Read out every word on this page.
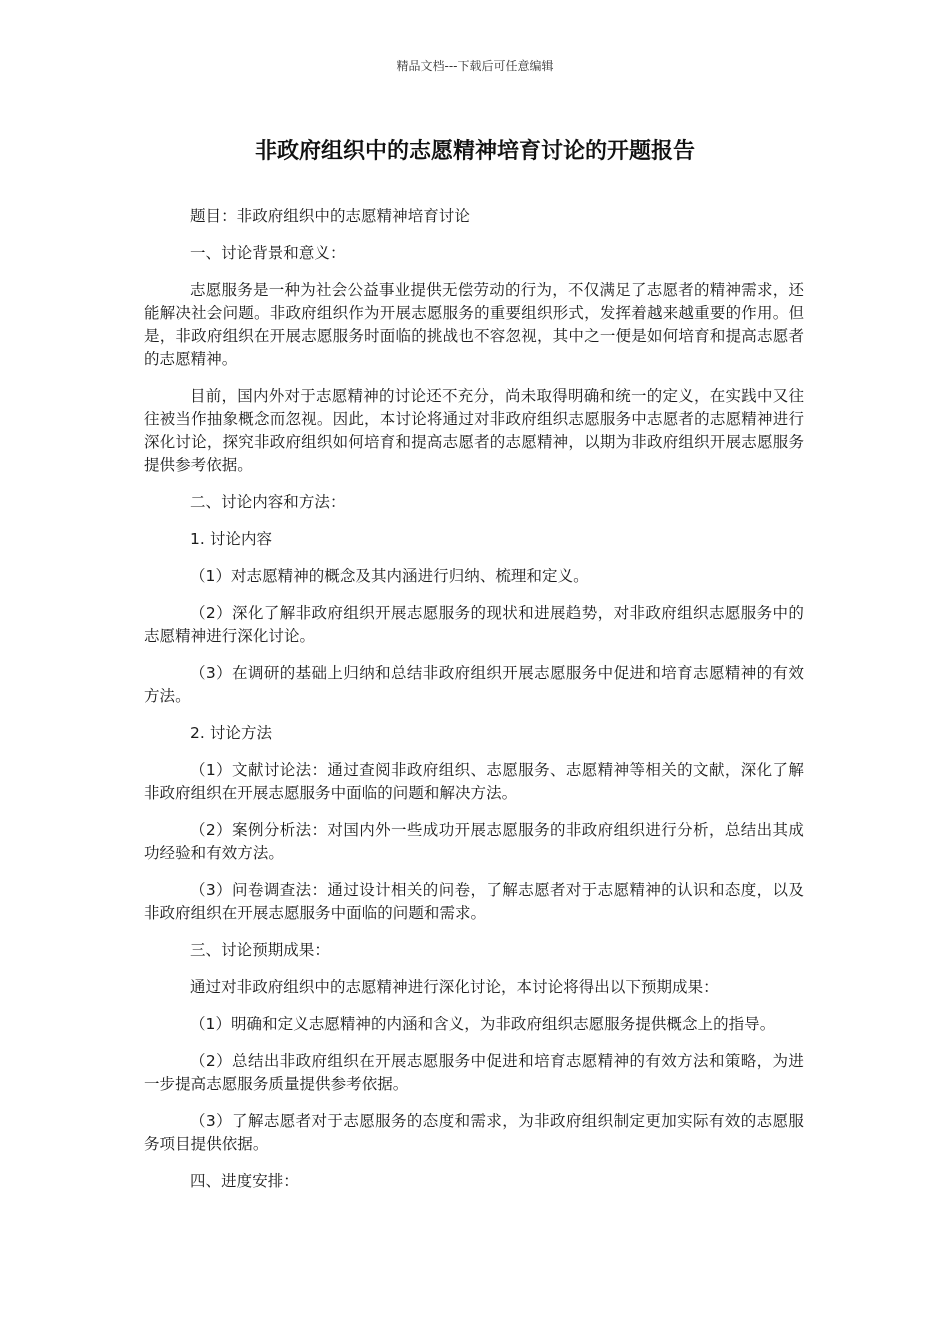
精品文档---下载后可任意编辑
非政府组织中的志愿精神培育讨论的开题报告

题目：非政府组织中的志愿精神培育讨论

一、讨论背景和意义：

志愿服务是一种为社会公益事业提供无偿劳动的行为，不仅满足了志愿者的精神需求，还能解决社会问题。非政府组织作为开展志愿服务的重要组织形式，发挥着越来越重要的作用。但是，非政府组织在开展志愿服务时面临的挑战也不容忽视，其中之一便是如何培育和提高志愿者的志愿精神。

目前，国内外对于志愿精神的讨论还不充分，尚未取得明确和统一的定义，在实践中又往往被当作抽象概念而忽视。因此，本讨论将通过对非政府组织志愿服务中志愿者的志愿精神进行深化讨论，探究非政府组织如何培育和提高志愿者的志愿精神，以期为非政府组织开展志愿服务提供参考依据。

二、讨论内容和方法：

1. 讨论内容

（1）对志愿精神的概念及其内涵进行归纳、梳理和定义。

（2）深化了解非政府组织开展志愿服务的现状和进展趋势，对非政府组织志愿服务中的志愿精神进行深化讨论。

（3）在调研的基础上归纳和总结非政府组织开展志愿服务中促进和培育志愿精神的有效方法。

2. 讨论方法

（1）文献讨论法：通过查阅非政府组织、志愿服务、志愿精神等相关的文献，深化了解非政府组织在开展志愿服务中面临的问题和解决方法。

（2）案例分析法：对国内外一些成功开展志愿服务的非政府组织进行分析，总结出其成功经验和有效方法。

（3）问卷调查法：通过设计相关的问卷，了解志愿者对于志愿精神的认识和态度，以及非政府组织在开展志愿服务中面临的问题和需求。

三、讨论预期成果：

通过对非政府组织中的志愿精神进行深化讨论，本讨论将得出以下预期成果：

（1）明确和定义志愿精神的内涵和含义，为非政府组织志愿服务提供概念上的指导。

（2）总结出非政府组织在开展志愿服务中促进和培育志愿精神的有效方法和策略，为进一步提高志愿服务质量提供参考依据。

（3）了解志愿者对于志愿服务的态度和需求，为非政府组织制定更加实际有效的志愿服务项目提供依据。

四、进度安排：
